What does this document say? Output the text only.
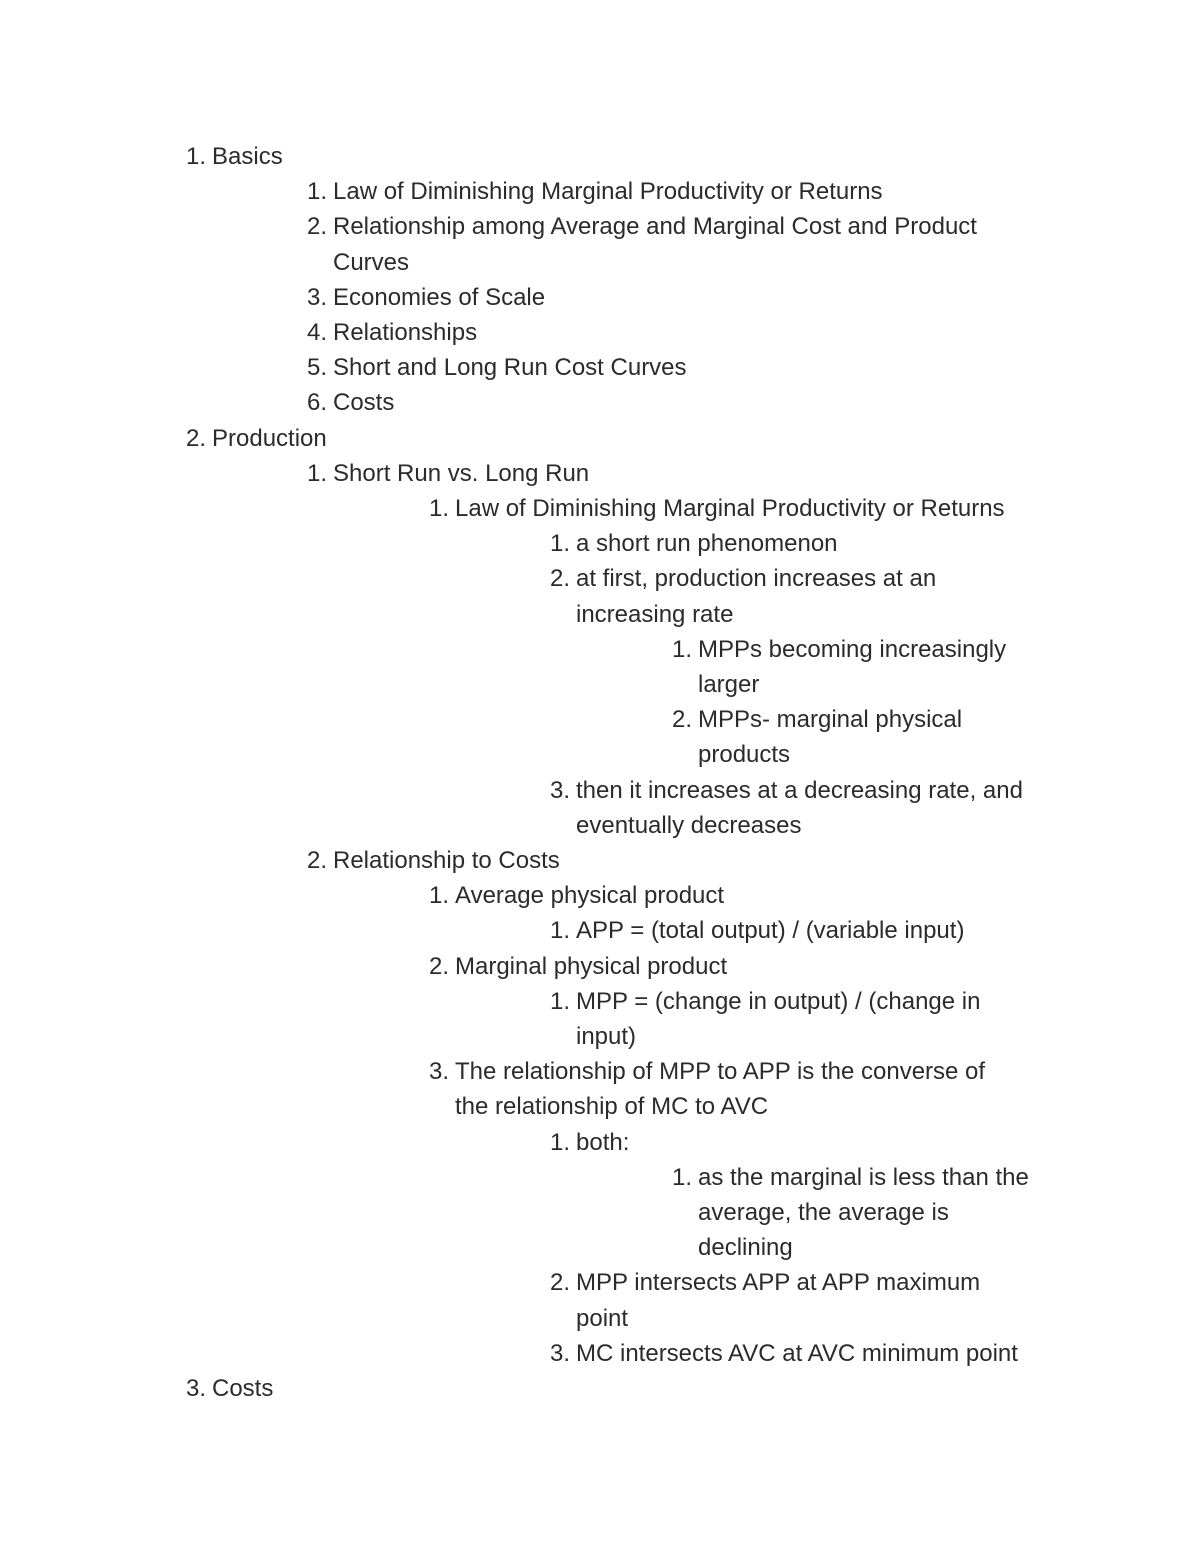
1. Basics
1. Law of Diminishing Marginal Productivity or Returns
2. Relationship among Average and Marginal Cost and Product
Curves
3. Economies of Scale
4. Relationships
5. Short and Long Run Cost Curves
6. Costs
2. Production
1. Short Run vs. Long Run
1. Law of Diminishing Marginal Productivity or Returns
1. a short run phenomenon
2. at first, production increases at an
increasing rate
1. MPPs becoming increasingly
larger
2. MPPs- marginal physical
products
3. then it increases at a decreasing rate, and
eventually decreases
2. Relationship to Costs
1. Average physical product
1. APP = (total output) / (variable input)
2. Marginal physical product
1. MPP = (change in output) / (change in
input)
3. The relationship of MPP to APP is the converse of
the relationship of MC to AVC
1. both:
1. as the marginal is less than the
average, the average is
declining
2. MPP intersects APP at APP maximum
point
3. MC intersects AVC at AVC minimum point
3. Costs
